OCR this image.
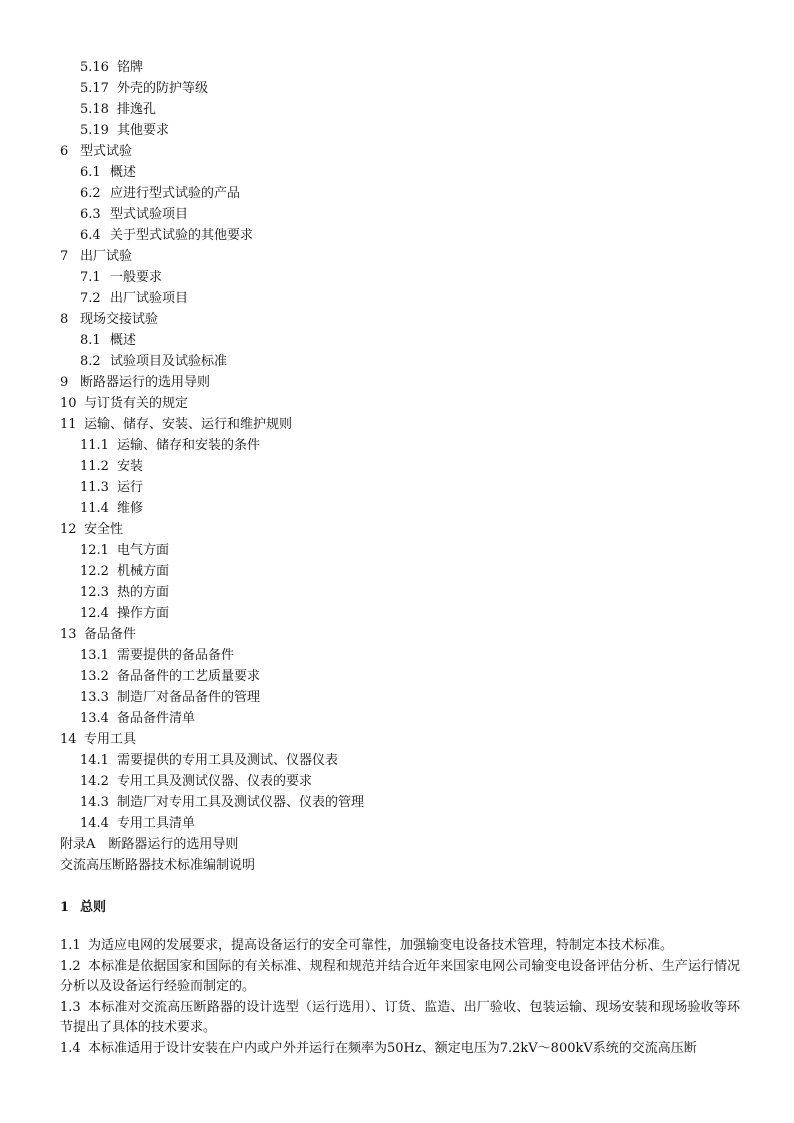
5.16 铭牌
5.17 外壳的防护等级
5.18 排逸孔
5.19 其他要求
6 型式试验
6.1 概述
6.2 应进行型式试验的产品
6.3 型式试验项目
6.4 关于型式试验的其他要求
7 出厂试验
7.1 一般要求
7.2 出厂试验项目
8 现场交接试验
8.1 概述
8.2 试验项目及试验标准
9 断路器运行的选用导则
10 与订货有关的规定
11 运输、储存、安装、运行和维护规则
11.1 运输、储存和安装的条件
11.2 安装
11.3 运行
11.4 维修
12 安全性
12.1 电气方面
12.2 机械方面
12.3 热的方面
12.4 操作方面
13 备品备件
13.1 需要提供的备品备件
13.2 备品备件的工艺质量要求
13.3 制造厂对备品备件的管理
13.4 备品备件清单
14 专用工具
14.1 需要提供的专用工具及测试、仪器仪表
14.2 专用工具及测试仪器、仪表的要求
14.3 制造厂对专用工具及测试仪器、仪表的管理
14.4 专用工具清单
附录A　断路器运行的选用导则
交流高压断路器技术标准编制说明
1 总则
1.1 为适应电网的发展要求，提高设备运行的安全可靠性，加强输变电设备技术管理，特制定本技术标准。
1.2 本标准是依据国家和国际的有关标准、规程和规范并结合近年来国家电网公司输变电设备评估分析、生产运行情况分析以及设备运行经验而制定的。
1.3 本标准对交流高压断路器的设计选型（运行选用）、订货、监造、出厂验收、包装运输、现场安装和现场验收等环节提出了具体的技术要求。
1.4 本标准适用于设计安装在户内或户外并运行在频率为50Hz、额定电压为7.2kV～800kV系统的交流高压断
